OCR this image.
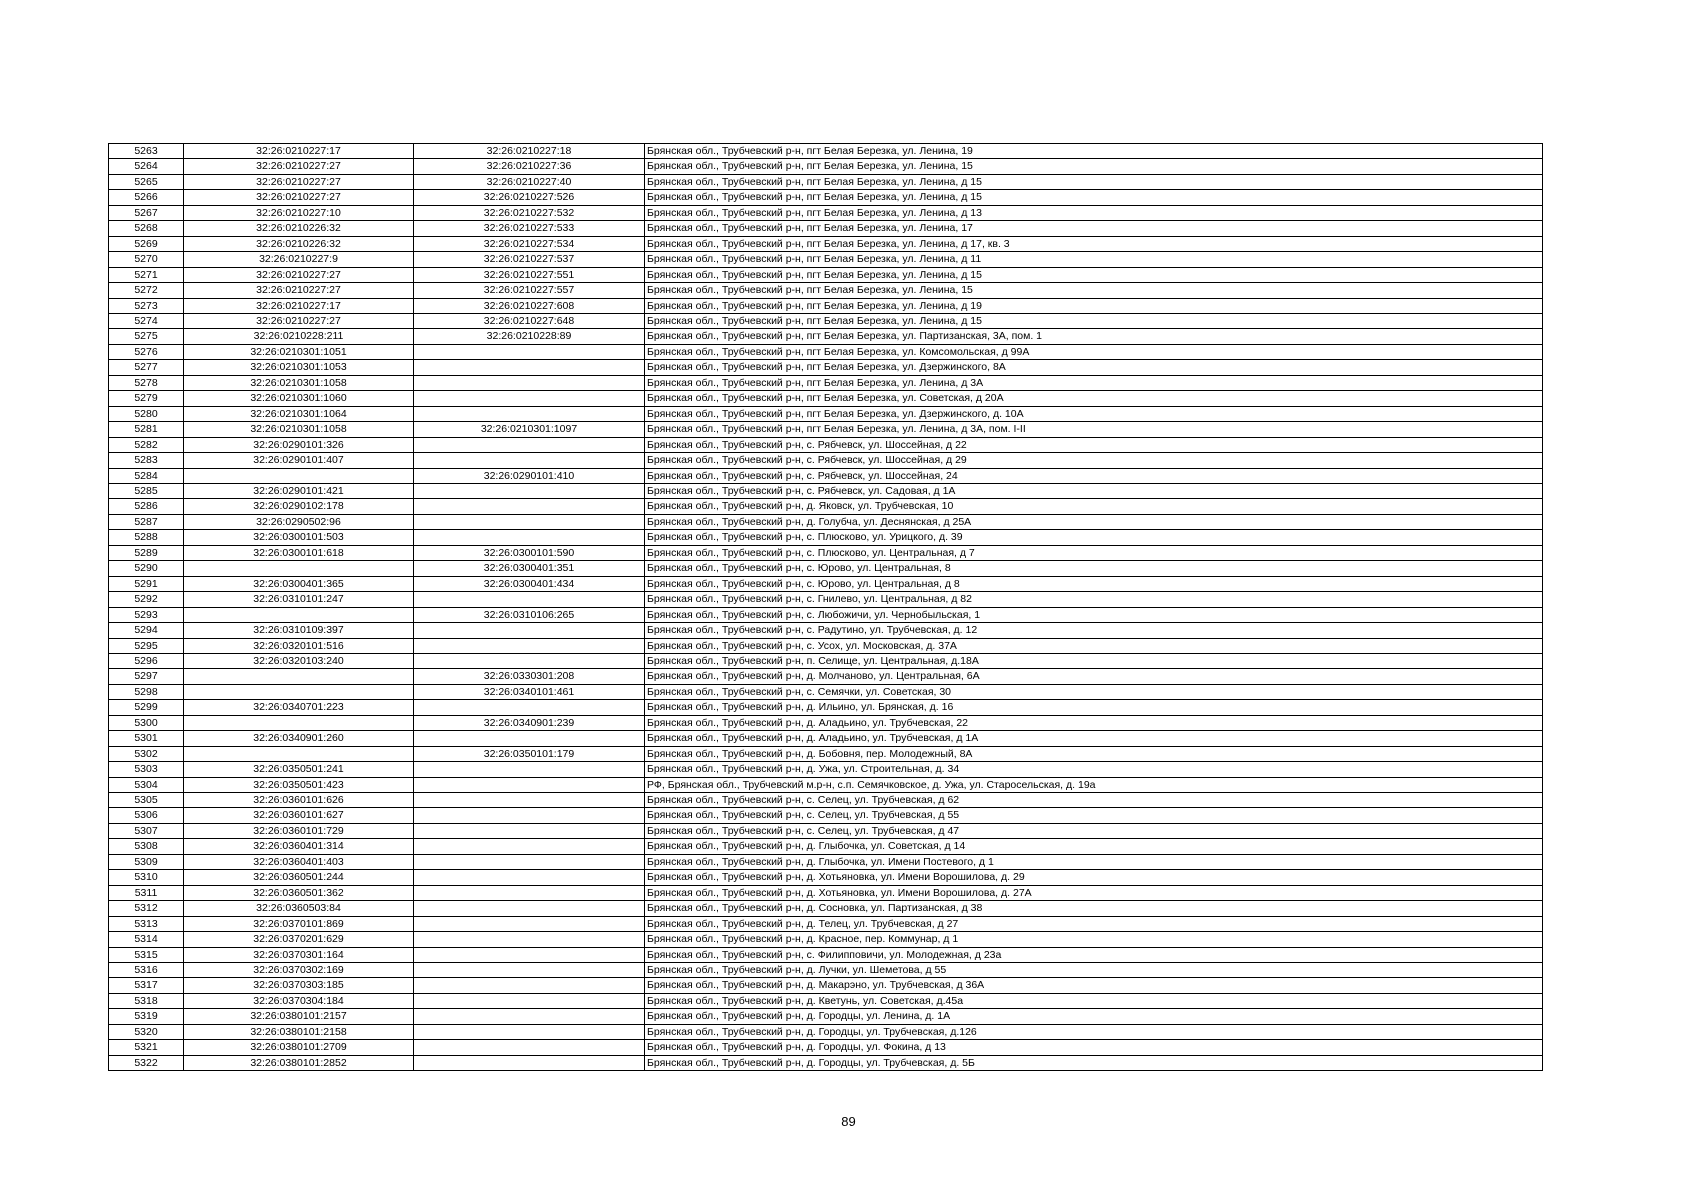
5263	32:26:0210227:17	32:26:0210227:18	Брянская обл., Трубчевский р-н, пгт Белая Березка, ул. Ленина, 19
5264	32:26:0210227:27	32:26:0210227:36	Брянская обл., Трубчевский р-н, пгт Белая Березка, ул. Ленина, 15
5265	32:26:0210227:27	32:26:0210227:40	Брянская обл., Трубчевский р-н, пгт Белая Березка, ул. Ленина, д 15
5266	32:26:0210227:27	32:26:0210227:526	Брянская обл., Трубчевский р-н, пгт Белая Березка, ул. Ленина, д 15
5267	32:26:0210227:10	32:26:0210227:532	Брянская обл., Трубчевский р-н, пгт Белая Березка, ул. Ленина, д 13
5268	32:26:0210226:32	32:26:0210227:533	Брянская обл., Трубчевский р-н, пгт Белая Березка, ул. Ленина, 17
5269	32:26:0210226:32	32:26:0210227:534	Брянская обл., Трубчевский р-н, пгт Белая Березка, ул. Ленина, д 17, кв. 3
5270	32:26:0210227:9	32:26:0210227:537	Брянская обл., Трубчевский р-н, пгт Белая Березка, ул. Ленина, д 11
5271	32:26:0210227:27	32:26:0210227:551	Брянская обл., Трубчевский р-н, пгт Белая Березка, ул. Ленина, д 15
5272	32:26:0210227:27	32:26:0210227:557	Брянская обл., Трубчевский р-н, пгт Белая Березка, ул. Ленина, 15
5273	32:26:0210227:17	32:26:0210227:608	Брянская обл., Трубчевский р-н, пгт Белая Березка, ул. Ленина, д 19
5274	32:26:0210227:27	32:26:0210227:648	Брянская обл., Трубчевский р-н, пгт Белая Березка, ул. Ленина, д 15
5275	32:26:0210228:211	32:26:0210228:89	Брянская обл., Трубчевский р-н, пгт Белая Березка, ул. Партизанская, 3А, пом. 1
5276	32:26:0210301:1051		Брянская обл., Трубчевский р-н, пгт Белая Березка, ул. Комсомольская, д 99А
5277	32:26:0210301:1053		Брянская обл., Трубчевский р-н, пгт Белая Березка, ул. Дзержинского, 8А
5278	32:26:0210301:1058		Брянская обл., Трубчевский р-н, пгт Белая Березка, ул. Ленина, д 3А
5279	32:26:0210301:1060		Брянская обл., Трубчевский р-н, пгт Белая Березка, ул. Советская, д 20А
5280	32:26:0210301:1064		Брянская обл., Трубчевский р-н, пгт Белая Березка, ул. Дзержинского, д. 10А
5281	32:26:0210301:1058	32:26:0210301:1097	Брянская обл., Трубчевский р-н, пгт Белая Березка, ул. Ленина, д 3А, пом. I-II
5282	32:26:0290101:326		Брянская обл., Трубчевский р-н, с. Рябчевск, ул. Шоссейная, д 22
5283	32:26:0290101:407		Брянская обл., Трубчевский р-н, с. Рябчевск, ул. Шоссейная, д 29
5284		32:26:0290101:410	Брянская обл., Трубчевский р-н, с. Рябчевск, ул. Шоссейная, 24
5285	32:26:0290101:421		Брянская обл., Трубчевский р-н, с. Рябчевск, ул. Садовая, д 1А
5286	32:26:0290102:178		Брянская обл., Трубчевский р-н, д. Яковск, ул. Трубчевская, 10
5287	32:26:0290502:96		Брянская обл., Трубчевский р-н, д. Голубча, ул. Деснянская, д 25А
5288	32:26:0300101:503		Брянская обл., Трубчевский р-н, с. Плюсково, ул. Урицкого, д. 39
5289	32:26:0300101:618	32:26:0300101:590	Брянская обл., Трубчевский р-н, с. Плюсково, ул. Центральная, д 7
5290		32:26:0300401:351	Брянская обл., Трубчевский р-н, с. Юрово, ул. Центральная, 8
5291	32:26:0300401:365	32:26:0300401:434	Брянская обл., Трубчевский р-н, с. Юрово, ул. Центральная, д 8
5292	32:26:0310101:247		Брянская обл., Трубчевский р-н, с. Гнилево, ул. Центральная, д 82
5293		32:26:0310106:265	Брянская обл., Трубчевский р-н, с. Любожичи, ул. Чернобыльская, 1
5294	32:26:0310109:397		Брянская обл., Трубчевский р-н, с. Радутино, ул. Трубчевская, д. 12
5295	32:26:0320101:516		Брянская обл., Трубчевский р-н, с. Усох, ул. Московская, д. 37А
5296	32:26:0320103:240		Брянская обл., Трубчевский р-н, п. Селище, ул. Центральная, д.18А
5297		32:26:0330301:208	Брянская обл., Трубчевский р-н, д. Молчаново, ул. Центральная, 6А
5298		32:26:0340101:461	Брянская обл., Трубчевский р-н, с. Семячки, ул. Советская, 30
5299	32:26:0340701:223		Брянская обл., Трубчевский р-н, д. Ильино, ул. Брянская, д. 16
5300		32:26:0340901:239	Брянская обл., Трубчевский р-н, д. Аладьино, ул. Трубчевская, 22
5301	32:26:0340901:260		Брянская обл., Трубчевский р-н, д. Аладьино, ул. Трубчевская, д 1А
5302		32:26:0350101:179	Брянская обл., Трубчевский р-н, д. Бобовня, пер. Молодежный, 8А
5303	32:26:0350501:241		Брянская обл., Трубчевский р-н, д. Ужа, ул. Строительная, д. 34
5304	32:26:0350501:423		РФ, Брянская обл., Трубчевский м.р-н, с.п. Семячковское, д. Ужа, ул. Старосельская, д. 19а
5305	32:26:0360101:626		Брянская обл., Трубчевский р-н, с. Селец, ул. Трубчевская, д 62
5306	32:26:0360101:627		Брянская обл., Трубчевский р-н, с. Селец, ул. Трубчевская, д 55
5307	32:26:0360101:729		Брянская обл., Трубчевский р-н, с. Селец, ул. Трубчевская, д 47
5308	32:26:0360401:314		Брянская обл., Трубчевский р-н, д. Глыбочка, ул. Советская, д 14
5309	32:26:0360401:403		Брянская обл., Трубчевский р-н, д. Глыбочка, ул. Имени Постевого, д 1
5310	32:26:0360501:244		Брянская обл., Трубчевский р-н, д. Хотьяновка, ул. Имени Ворошилова, д. 29
5311	32:26:0360501:362		Брянская обл., Трубчевский р-н, д. Хотьяновка, ул. Имени Ворошилова, д. 27А
5312	32:26:0360503:84		Брянская обл., Трубчевский р-н, д. Сосновка, ул. Партизанская, д 38
5313	32:26:0370101:869		Брянская обл., Трубчевский р-н, д. Телец, ул. Трубчевская, д 27
5314	32:26:0370201:629		Брянская обл., Трубчевский р-н, д. Красное, пер. Коммунар, д 1
5315	32:26:0370301:164		Брянская обл., Трубчевский р-н, с. Филипповичи, ул. Молодежная, д 23а
5316	32:26:0370302:169		Брянская обл., Трубчевский р-н, д. Лучки, ул. Шеметова, д 55
5317	32:26:0370303:185		Брянская обл., Трубчевский р-н, д. Макарэно, ул. Трубчевская, д 36А
5318	32:26:0370304:184		Брянская обл., Трубчевский р-н, д. Кветунь, ул. Советская, д.45а
5319	32:26:0380101:2157		Брянская обл., Трубчевский р-н, д. Городцы, ул. Ленина, д. 1А
5320	32:26:0380101:2158		Брянская обл., Трубчевский р-н, д. Городцы, ул. Трубчевская, д.126
5321	32:26:0380101:2709		Брянская обл., Трубчевский р-н, д. Городцы, ул. Фокина, д 13
5322	32:26:0380101:2852		Брянская обл., Трубчевский р-н, д. Городцы, ул. Трубчевская, д. 5Б
89
